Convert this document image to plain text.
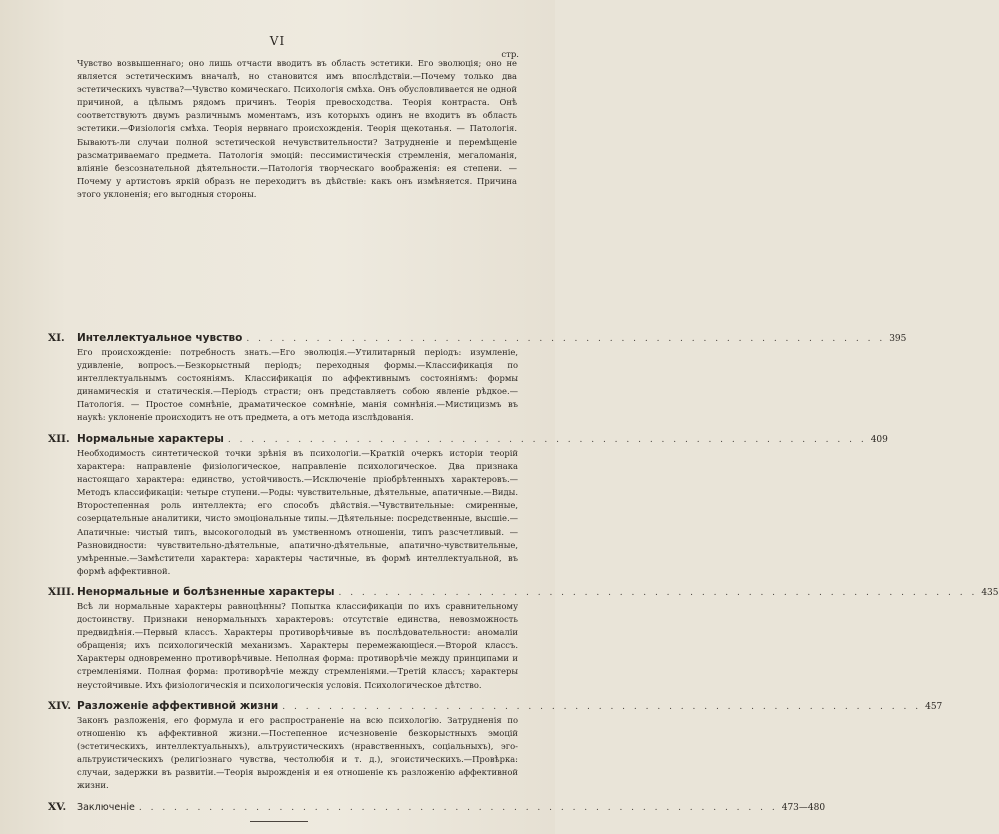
VI
стр.

Чувство возвышеннаго; оно лишь отчасти вводитъ въ область эстетики. Его эволюція; оно не является эстетическимъ вначалѣ, но становится имъ впослѣдствіи.—Почему только два эстетическихъ чувства?—Чувство комическаго. Психологія смѣха. Онъ обусловливается не одной причиной, а цѣлымъ рядомъ причинъ. Теорія превосходства. Теорія контраста. Онѣ соответствуютъ двумъ различнымъ моментамъ, изъ которыхъ одинъ не входитъ въ область эстетики.—Физіологія смѣха. Теорія нервнаго происхожденія. Теорія щекотанья. — Патологія. Бываютъ-ли случаи полной эстетической нечувствительности? Затрудненіе и перемѣщеніе разсматриваемаго предмета. Патологія эмоцій: пессимистическія стремленія, мегаломанія, вліяніе безсознательной дѣятельности.—Патологія творческаго воображенія: ея степени. — Почему у артистовъ яркій образъ не переходитъ въ дѣйствіе: какъ онъ измѣняется. Причина этого уклоненія; его выгодныя стороны.

XI.	Интеллектуальное чувство . . . . . . . . . . . . . . . . . . . . . . . . . . . . . . . . . . . . . . . . . . . . . . . . . . . . . . . 395
Его происхожденіе: потребность знать.—Его эволюція.—Утилитарный періодъ: изумленіе, удивленіе, вопросъ.—Безкорыстный періодъ; переходныя формы.—Классификація по интеллектуальнымъ состояніямъ. Классификація по аффективнымъ состояніямъ: формы динамическія и статическія.—Періодъ страсти; онъ представляетъ собою явленіе рѣдкое.—Патологія. — Простое сомнѣніе, драматическое сомнѣніе, манія сомнѣнія.—Мистицизмъ въ наукѣ: уклоненіе происходитъ не отъ предмета, а отъ метода изслѣдованія.
XII. Нормальные характеры . . . . . . . . . . . . . . . . . . . . . . . . . . . . . . . . . . . . . . . . . . . . . . . . . . . . . . . 409
Необходимость синтетической точки зрѣнія въ психологіи.—Краткій очеркъ исторіи теорій характера: направленіе физіологическое, направленіе психологическое. Два признака настоящаго характера: единство, устойчивость.—Исключеніе пріобрѣтенныхъ характеровъ.—Методъ классификаціи: четыре ступени.—Роды: чувствительные, дѣятельные, апатичные.—Виды. Второстепенная роль интеллекта; его способъ дѣйствія.—Чувствительные: смиренные, созерцательные аналитики, чисто эмоціональные типы.—Дѣятельные: посредственные, высшіе.—Апатичные: чистый типъ, высокоголодый въ умственномъ отношеніи, типъ разсчетливый. —Разновидности: чувствительно-дѣятельные, апатично-дѣятельные, апатично-чувствительные, умѣренные.—Замѣстители характера: характеры частичные, въ формѣ интеллектуальной, въ формѣ аффективной.
XIII. Ненормальные и болѣзненные характеры . . . . . . . . . . . . . . . . . . . . . . . . . . . . . . . . . . . . . . . . . . . . . . . . . . . . . . . 435
Всѣ ли нормальные характеры равноцѣнны? Попытка классификаціи по ихъ сравнительному достоинству. Признаки ненормальныхъ характеровъ: отсутствіе единства, невозможность предвидѣнія.—Первый классъ. Характеры противорѣчивые въ послѣдовательности: аномаліи обращенія; ихъ психологическій механизмъ. Характеры перемежающіеся.—Второй классъ. Характеры одновременно противорѣчивые. Неполная форма: противорѣчіе между принципами и стремленіями. Полная форма: противорѣчіе между стремленіями.—Третій классъ; характеры неустойчивые. Ихъ физіологическія и психологическія условія. Психологическое дѣтство.
XIV. Разложеніе аффективной жизни . . . . . . . . . . . . . . . . . . . . . . . . . . . . . . . . . . . . . . . . . . . . . . . . . . . . . . . 457
Законъ разложенія, его формула и его распространеніе на всю психологію. Затрудненія по отношенію къ аффективной жизни.—Постепенное исчезновеніе безкорыстныхъ эмоцій (эстетическихъ, интеллектуальныхъ), альтруистическихъ (нравственныхъ, соціальныхъ), эго-альтруистическихъ (религіознаго чувства, честолюбія и т. д.), эгоистическихъ.—Провѣрка: случаи, задержки въ развитіи.—Теорія вырожденія и ея отношеніе къ разложенію аффективной жизни.
XV.	Заключеніе . . . . . . . . . . . . . . . . . . . . . . . . . . . . . . . . . . . . . . . . . . . . . . . . . . . . . . . 473—480
